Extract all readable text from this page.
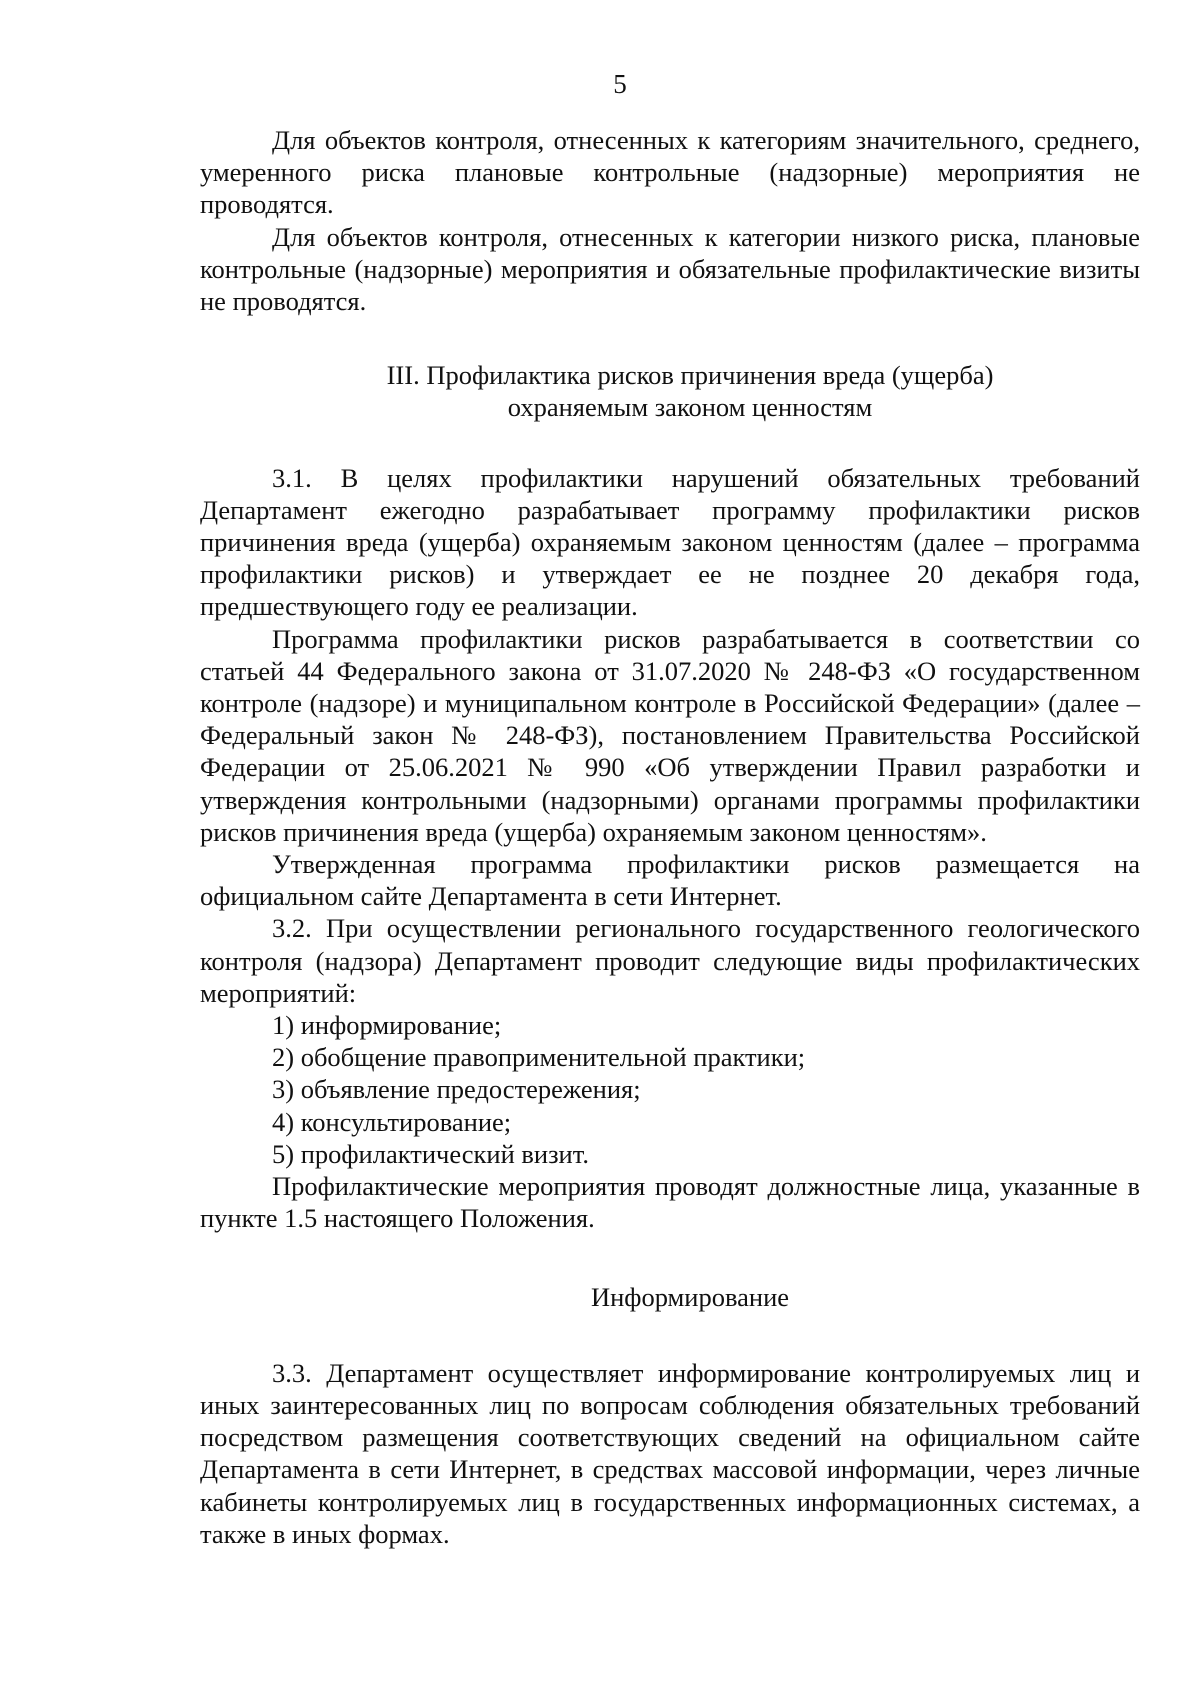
5

Для объектов контроля, отнесенных к категориям значительного, среднего, умеренного риска плановые контрольные (надзорные) мероприятия не проводятся.

Для объектов контроля, отнесенных к категории низкого риска, плановые контрольные (надзорные) мероприятия и обязательные профилактические визиты не проводятся.

III. Профилактика рисков причинения вреда (ущерба)

охраняемым законом ценностям

3.1. В целях профилактики нарушений обязательных требований Департамент ежегодно разрабатывает программу профилактики рисков причинения вреда (ущерба) охраняемым законом ценностям (далее – программа профилактики рисков) и утверждает ее не позднее 20 декабря года, предшествующего году ее реализации.

Программа профилактики рисков разрабатывается в соответствии со статьей 44 Федерального закона от 31.07.2020 № 248-ФЗ «О государственном контроле (надзоре) и муниципальном контроле в Российской Федерации» (далее – Федеральный закон № 248-ФЗ), постановлением Правительства Российской Федерации от 25.06.2021 № 990 «Об утверждении Правил разработки и утверждения контрольными (надзорными) органами программы профилактики рисков причинения вреда (ущерба) охраняемым законом ценностям».

Утвержденная программа профилактики рисков размещается на официальном сайте Департамента в сети Интернет.

3.2. При осуществлении регионального государственного геологического контроля (надзора) Департамент проводит следующие виды профилактических мероприятий:

1) информирование;

2) обобщение правоприменительной практики;

3) объявление предостережения;

4) консультирование;

5) профилактический визит.

Профилактические мероприятия проводят должностные лица, указанные в пункте 1.5 настоящего Положения.

Информирование

3.3. Департамент осуществляет информирование контролируемых лиц и иных заинтересованных лиц по вопросам соблюдения обязательных требований посредством размещения соответствующих сведений на официальном сайте Департамента в сети Интернет, в средствах массовой информации, через личные кабинеты контролируемых лиц в государственных информационных системах, а также в иных формах.
